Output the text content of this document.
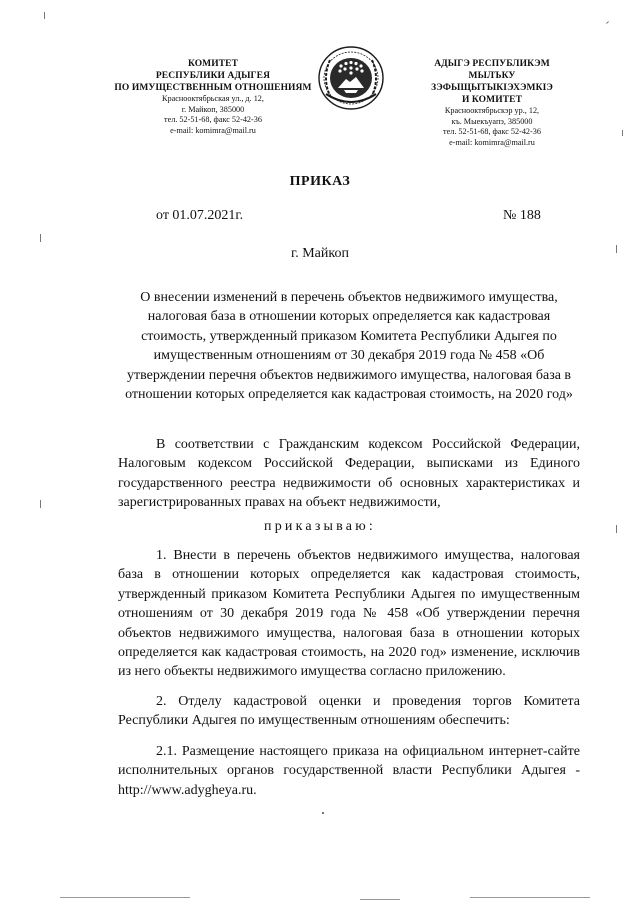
КОМИТЕТ
РЕСПУБЛИКИ АДЫГЕЯ
ПО ИМУЩЕСТВЕННЫМ ОТНОШЕНИЯМ
Краснооктябрьская ул., д. 12,
г. Майкоп, 385000
тел. 52-51-68, факс 52-42-36
e-mail: komimra@mail.ru
АДЫГЭ РЕСПУБЛИКЭМ
МЫЛЪКУ ЗЭФЫЩЫТЫКІЭХЭМКІЭ
И КОМИТЕТ
Краснооктябрьскэр ур., 12,
къ. Мыекъуапэ, 385000
тел. 52-51-68, факс 52-42-36
e-mail: komimra@mail.ru
ПРИКАЗ
от 01.07.2021г.	№ 188
г. Майкоп
О внесении изменений в перечень объектов недвижимого имущества, налоговая база в отношении которых определяется как кадастровая стоимость, утвержденный приказом Комитета Республики Адыгея по имущественным отношениям от 30 декабря 2019 года № 458 «Об утверждении перечня объектов недвижимого имущества, налоговая база в отношении которых определяется как кадастровая стоимость, на 2020 год»
В соответствии с Гражданским кодексом Российской Федерации, Налоговым кодексом Российской Федерации, выписками из Единого государственного реестра недвижимости об основных характеристиках и зарегистрированных правах на объект недвижимости,
приказываю:
1. Внести в перечень объектов недвижимого имущества, налоговая база в отношении которых определяется как кадастровая стоимость, утвержденный приказом Комитета Республики Адыгея по имущественным отношениям от 30 декабря 2019 года № 458 «Об утверждении перечня объектов недвижимого имущества, налоговая база в отношении которых определяется как кадастровая стоимость, на 2020 год» изменение, исключив из него объекты недвижимого имущества согласно приложению.
2. Отделу кадастровой оценки и проведения торгов Комитета Республики Адыгея по имущественным отношениям обеспечить:
2.1. Размещение настоящего приказа на официальном интернет-сайте исполнительных органов государственной власти Республики Адыгея - http://www.adygheya.ru.
